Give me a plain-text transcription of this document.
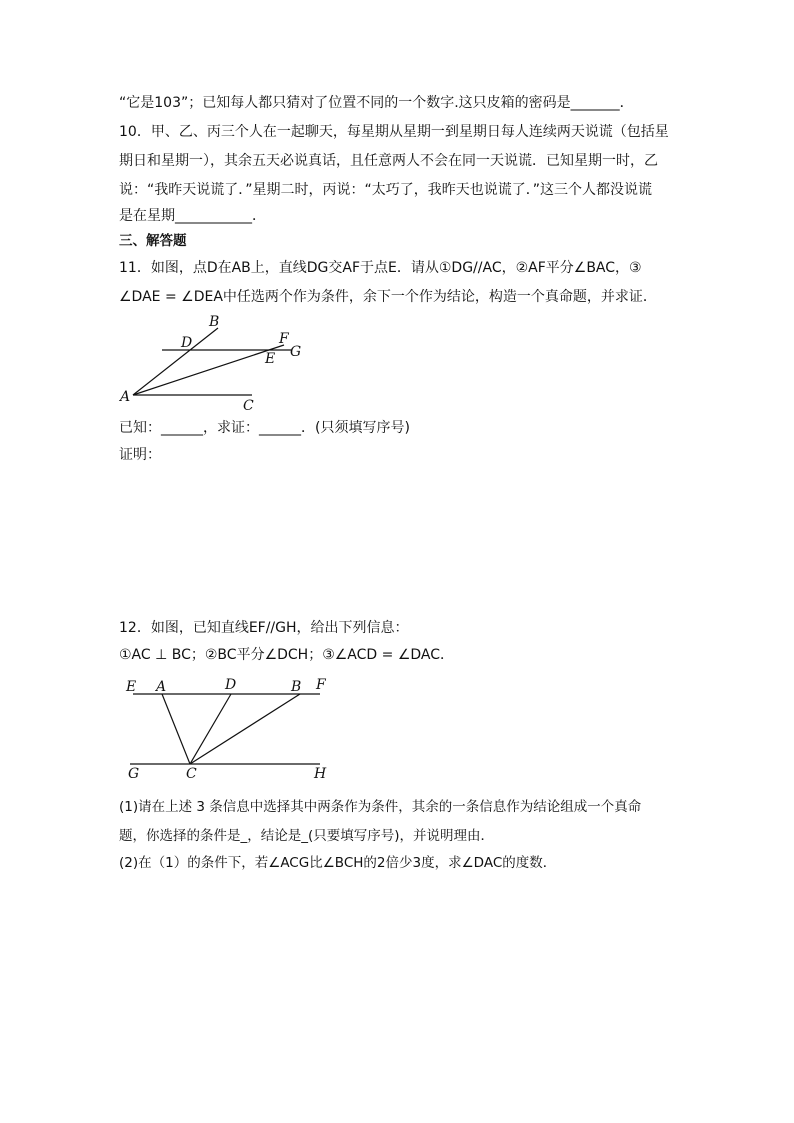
“它是103”；已知每人都只猜对了位置不同的一个数字.这只皮箱的密码是_______．
10．甲、乙、丙三个人在一起聊天，每星期从星期一到星期日每人连续两天说谎（包括星
期日和星期一），其余五天必说真话，且任意两人不会在同一天说谎．已知星期一时，乙
说：“我昨天说谎了．”星期二时，丙说：“太巧了，我昨天也说谎了．”这三个人都没说谎
是在星期___________．
三、解答题
11．如图，点D在AB上，直线DG交AF于点E．请从①DG//AC，②AF平分∠BAC，③
∠DAE = ∠DEA中任选两个作为条件，余下一个作为结论，构造一个真命题，并求证．
B
D	F
G
E
A
C
已知：______，求证：______．(只须填写序号)
证明：
12．如图，已知直线EF//GH，给出下列信息：
①AC ⊥ BC；②BC平分∠DCH；③∠ACD = ∠DAC．
E A	D	B F
G	C	H
(1)请在上述 3 条信息中选择其中两条作为条件，其余的一条信息作为结论组成一个真命
题，你选择的条件是_，结论是_(只要填写序号)，并说明理由．
(2)在（1）的条件下，若∠ACG比∠BCH的2倍少3度，求∠DAC的度数．
